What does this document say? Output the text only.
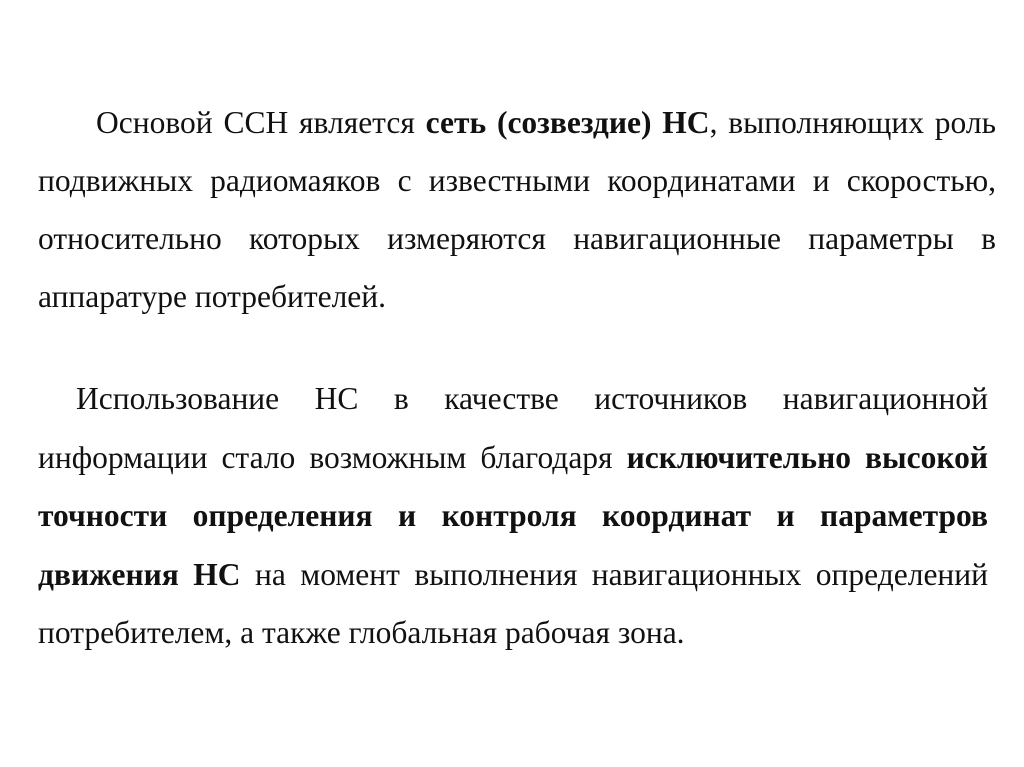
Основой ССН является сеть (созвездие) НС, выполняющих роль подвижных радиомаяков с известными координатами и скоростью, относительно которых измеряются навигационные параметры в аппаратуре потребителей.

Использование НС в качестве источников навигационной информации стало возможным благодаря исключительно высокой точности определения и контроля координат и параметров движения НС на момент выполнения навигационных определений потребителем, а также глобальная рабочая зона.
